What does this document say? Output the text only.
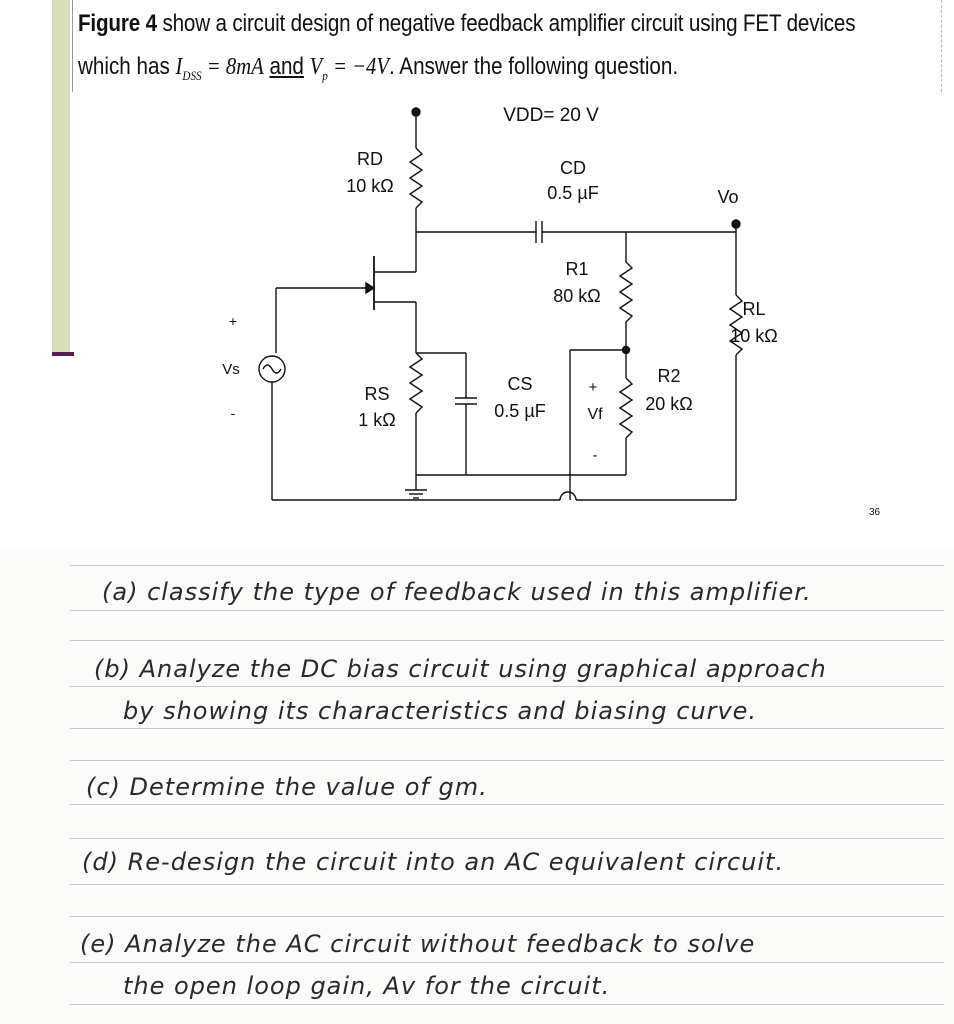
Figure 4 show a circuit design of negative feedback amplifier circuit using FET devices
which has $I_{DSS} = 8mA$ and $V_p = -4V$. Answer the following question.
VDD= 20 V
RD
10 kΩ
CD
0.5 µF	Vo
R1
80 kΩ
RL
10 kΩ
+
Vs
-
RS
1 kΩ
CS
0.5 µF
+
Vf
-
R2
20 kΩ
36
(a) classify the type of feedback used in this amplifier.
(b) Analyze the DC bias circuit using graphical approach
by showing its characteristics and biasing curve.
(c) Determine the value of gm.
(d) Re-design the circuit into an AC equivalent circuit.
(e) Analyze the AC circuit without feedback to solve
the open loop gain, Av for the circuit.
